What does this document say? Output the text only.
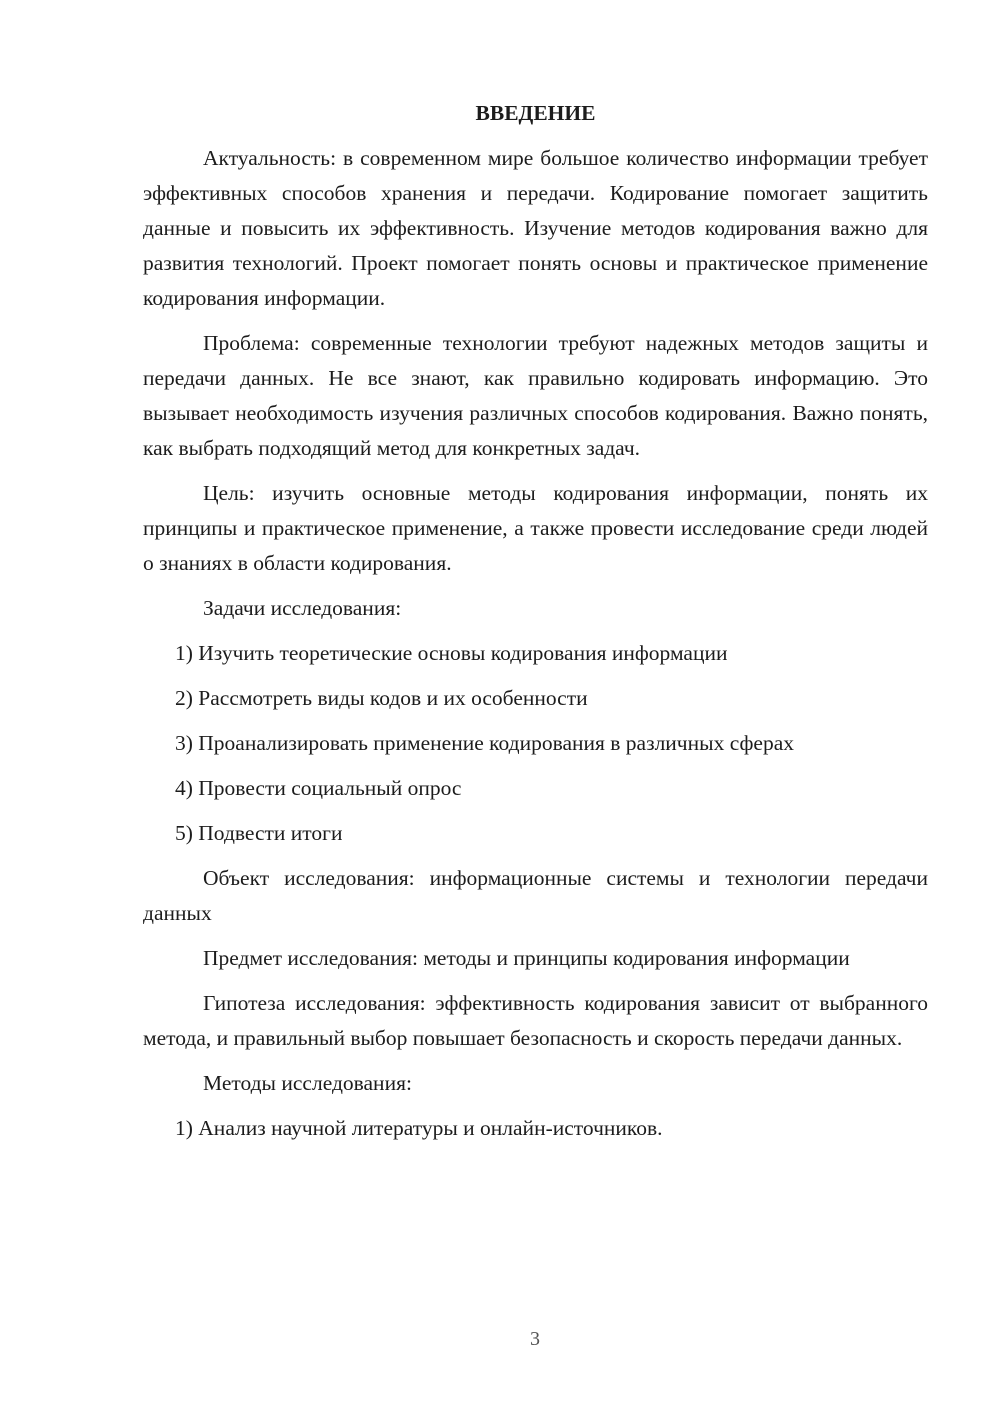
ВВЕДЕНИЕ

Актуальность: в современном мире большое количество информации требует эффективных способов хранения и передачи. Кодирование помогает защитить данные и повысить их эффективность. Изучение методов кодирования важно для развития технологий. Проект помогает понять основы и практическое применение кодирования информации.

Проблема: современные технологии требуют надежных методов защиты и передачи данных. Не все знают, как правильно кодировать информацию. Это вызывает необходимость изучения различных способов кодирования. Важно понять, как выбрать подходящий метод для конкретных задач.

Цель: изучить основные методы кодирования информации, понять их принципы и практическое применение, а также провести исследование среди людей о знаниях в области кодирования.

Задачи исследования:

1) Изучить теоретические основы кодирования информации

2) Рассмотреть виды кодов и их особенности

3) Проанализировать применение кодирования в различных сферах

4) Провести социальный опрос

5) Подвести итоги

Объект исследования: информационные системы и технологии передачи данных

Предмет исследования: методы и принципы кодирования информации

Гипотеза исследования: эффективность кодирования зависит от выбранного метода, и правильный выбор повышает безопасность и скорость передачи данных.

Методы исследования:

1) Анализ научной литературы и онлайн-источников.

3
